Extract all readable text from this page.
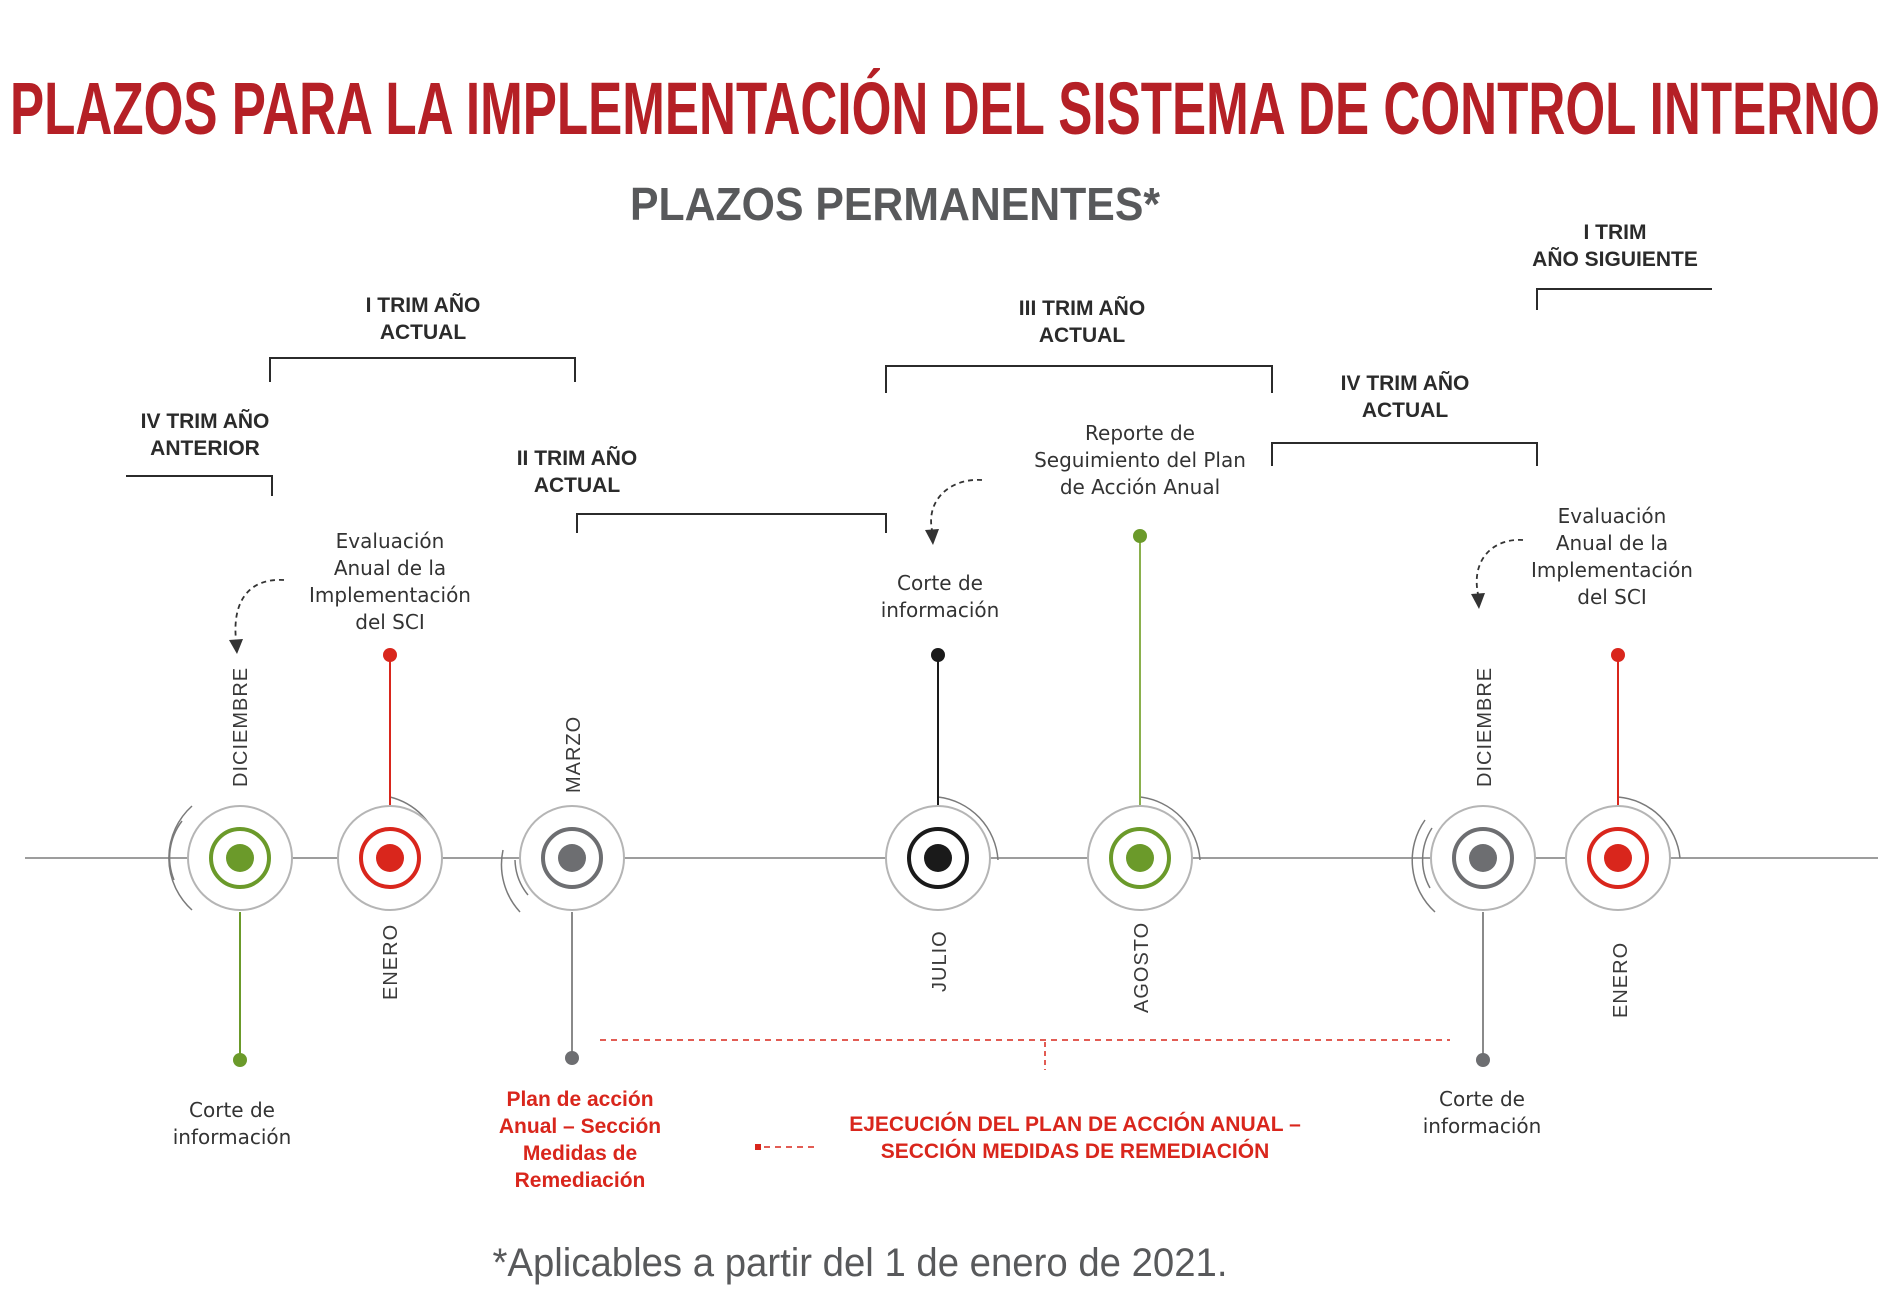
PLAZOS PARA LA IMPLEMENTACIÓN DEL SISTEMA DE CONTROL INTERNO
PLAZOS PERMANENTES*
IV TRIM AÑO
ANTERIOR
I TRIM AÑO
ACTUAL
II TRIM AÑO
ACTUAL
III TRIM AÑO
ACTUAL
IV TRIM AÑO
ACTUAL
I TRIM
AÑO SIGUIENTE
EJECUCIÓN DEL PLAN DE ACCIÓN ANUAL –
SECCIÓN MEDIDAS DE REMEDIACIÓN
DICIEMBRE
Corte de
información
ENERO
Evaluación
Anual de la
Implementación
del SCI
MARZO
Plan de acción
Anual – Sección
Medidas de
Remediación
JULIO
Corte de
información
AGOSTO
Reporte de
Seguimiento del Plan
de Acción Anual
DICIEMBRE
Corte de
información
ENERO
Evaluación
Anual de la
Implementación
del SCI
*Aplicables a partir del 1 de enero de 2021.
